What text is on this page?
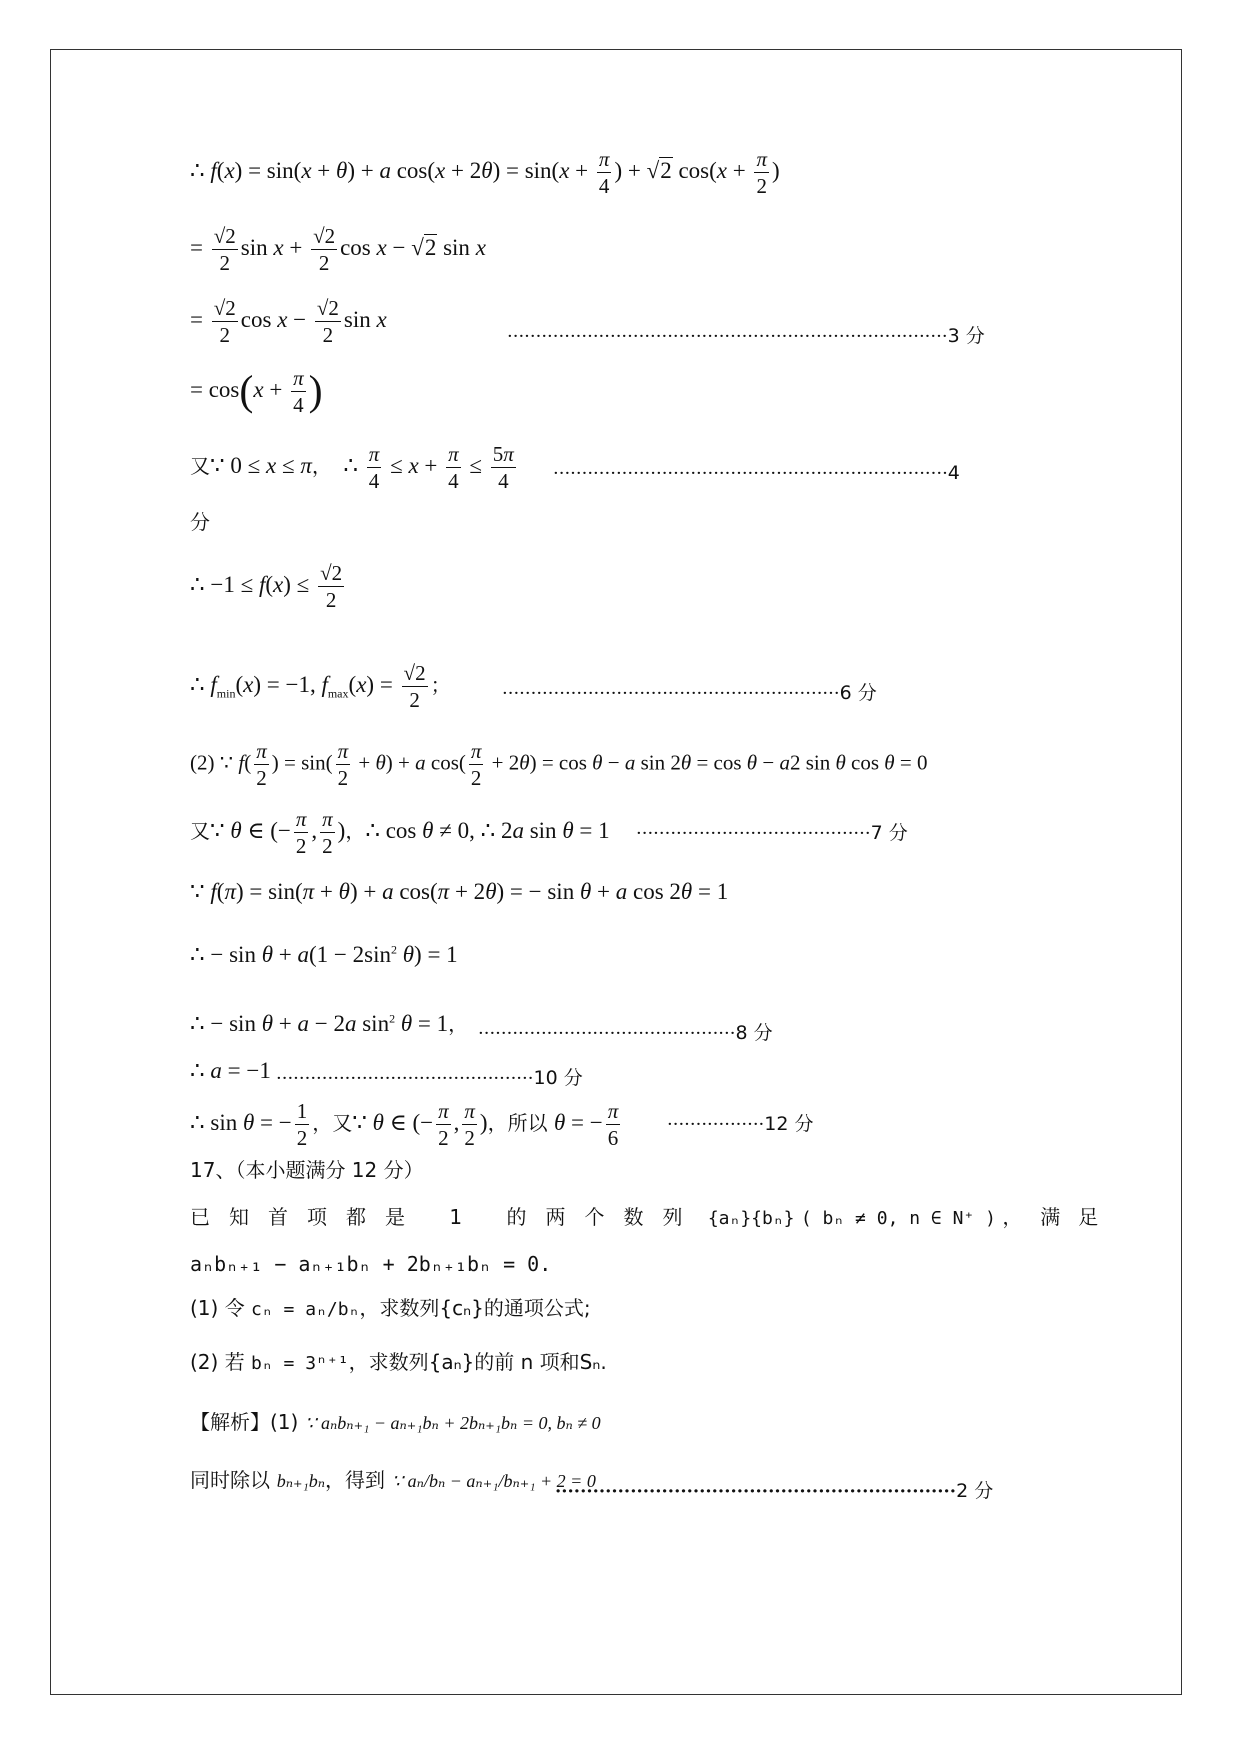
∴ f(x) = sin(x + θ) + a $\cos(x + 2\theta) = \sin(x + \frac{\pi}{4}$ ) + √2 $\cos(x + \frac{\pi}{2}$ )
= $\frac{√2}{2}$ $\sin x + \frac{√2}{2}$ cos x − √2 sin x
= $\frac{√2}{2}$ $\cos x - \frac{√2}{2}$ sin x
·············································································3 分
= $\cos(x + \frac{\pi}{4}$ )
又∵ 0 ≤ x ≤ π，  ∴ $\frac{\pi}{4} \le x + \frac{\pi}{4} \le \frac{5\pi}{4} \cdot\cdot\cdot\cdot\cdot\cdot\cdot\cdot\cdot\cdot\cdot\cdot\cdot\cdot\cdot\cdot\cdot\cdot\cdot\cdot\cdot\cdot\cdot\cdot\cdot\cdot\cdot\cdot\cdot\cdot\cdot\cdot\cdot\cdot\cdot\cdot\cdot\cdot\cdot\cdot\cdot\cdot\cdot\cdot\cdot\cdot\cdot\cdot\cdot\cdot\cdot\cdot\cdot\cdot\cdot\cdot\cdot\cdot\cdot\cdot\cdot\cdot\cdot\cdot\cdot\cdot\cdot\cdot\cdot 4$
分
∴ $-1 \le f(x) \le \frac{√2}{2}$
∴ $f_{min}(x) = -1$, $f_{max}(x) = \frac{√2}{2}$ ；	···························································6 分
(2) ∵ $f( \frac{\pi}{2}$ ) = $\sin( \frac{\pi}{2} + \theta) + a$ $\cos( \frac{\pi}{2} + 2\theta) = \cos \theta - a$ sin 2θ = cos θ − a2 sin θ cos θ = 0
又∵ θ ∈ (− $\frac{\pi}{2}$ , $\frac{\pi}{2}$ )，∴ cos θ ≠ 0, ∴ 2a sin θ = 1 ·········································7 分
∵ f(π) = sin(π + θ) + a cos(π + 2θ) = − sin θ + a cos 2θ = 1
∴ − $\sin \theta + a(1 - 2\sin^2$ θ) = 1
∴ − sin θ + a − 2a $\sin^2 \theta = 1$， ·············································8 分
∴ a = −1 ·············································10 分
∴ sin θ = − $\frac{1}{2}$ ，又∵ θ ∈ (− $\frac{\pi}{2}$ , $\frac{\pi}{2}$ )，所以 θ = − $\frac{\pi}{6}$	·················12 分
17、（本小题满分 12 分）
已知首项都是 1 的两个数列 {aₙ}{bₙ} ( bₙ ≠ 0, n ∈ N⁺ ) ，满足
aₙbₙ₊₁ − aₙ₊₁bₙ + 2bₙ₊₁bₙ = 0.
(1) 令 cₙ = aₙ/bₙ，求数列{cₙ}的通项公式;
(2) 若 bₙ = 3ⁿ⁺¹，求数列{aₙ}的前 n 项和Sₙ.
【解析】(1) ∵ aₙbₙ₊₁ − aₙ₊₁bₙ + 2bₙ₊₁bₙ = 0, bₙ ≠ 0
同时除以 bₙ₊₁bₙ，得到 ∵ aₙ/bₙ − aₙ₊₁/bₙ₊₁ + 2 = 0
································································2 分
